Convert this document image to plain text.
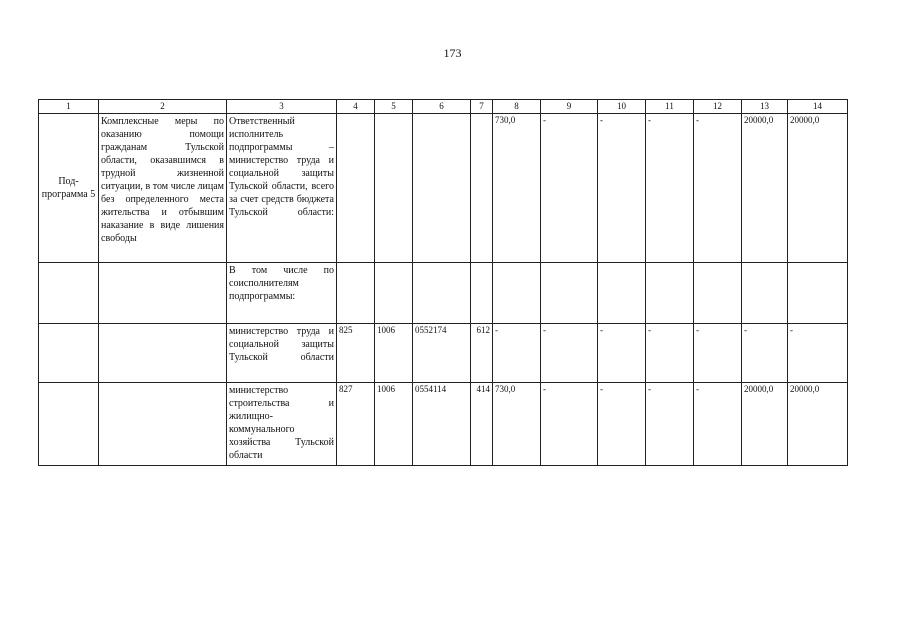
173
1	2	3	4	5	6	7	8	9	10	11	12	13	14
Под-программа 5	Комплексные меры по оказанию помощи гражданам Тульской области, оказавшимся в трудной жизненной ситуации, в том числе лицам без определенного места жительства и отбывшим наказание в виде лишения свободы	Ответственный исполнитель подпрограммы – министерство труда и социальной защиты Тульской области, всего за счет средств бюджета Тульской области:					730,0	-	-	-	-	20000,0	20000,0
		В том числе по соисполнителям подпрограммы:											
		министерство труда и социальной защиты Тульской области	825	1006	0552174	612	-	-	-	-	-	-	-
		министерство строительства и жилищно-коммунального хозяйства Тульской области	827	1006	0554114	414	730,0	-	-	-	-	20000,0	20000,0
